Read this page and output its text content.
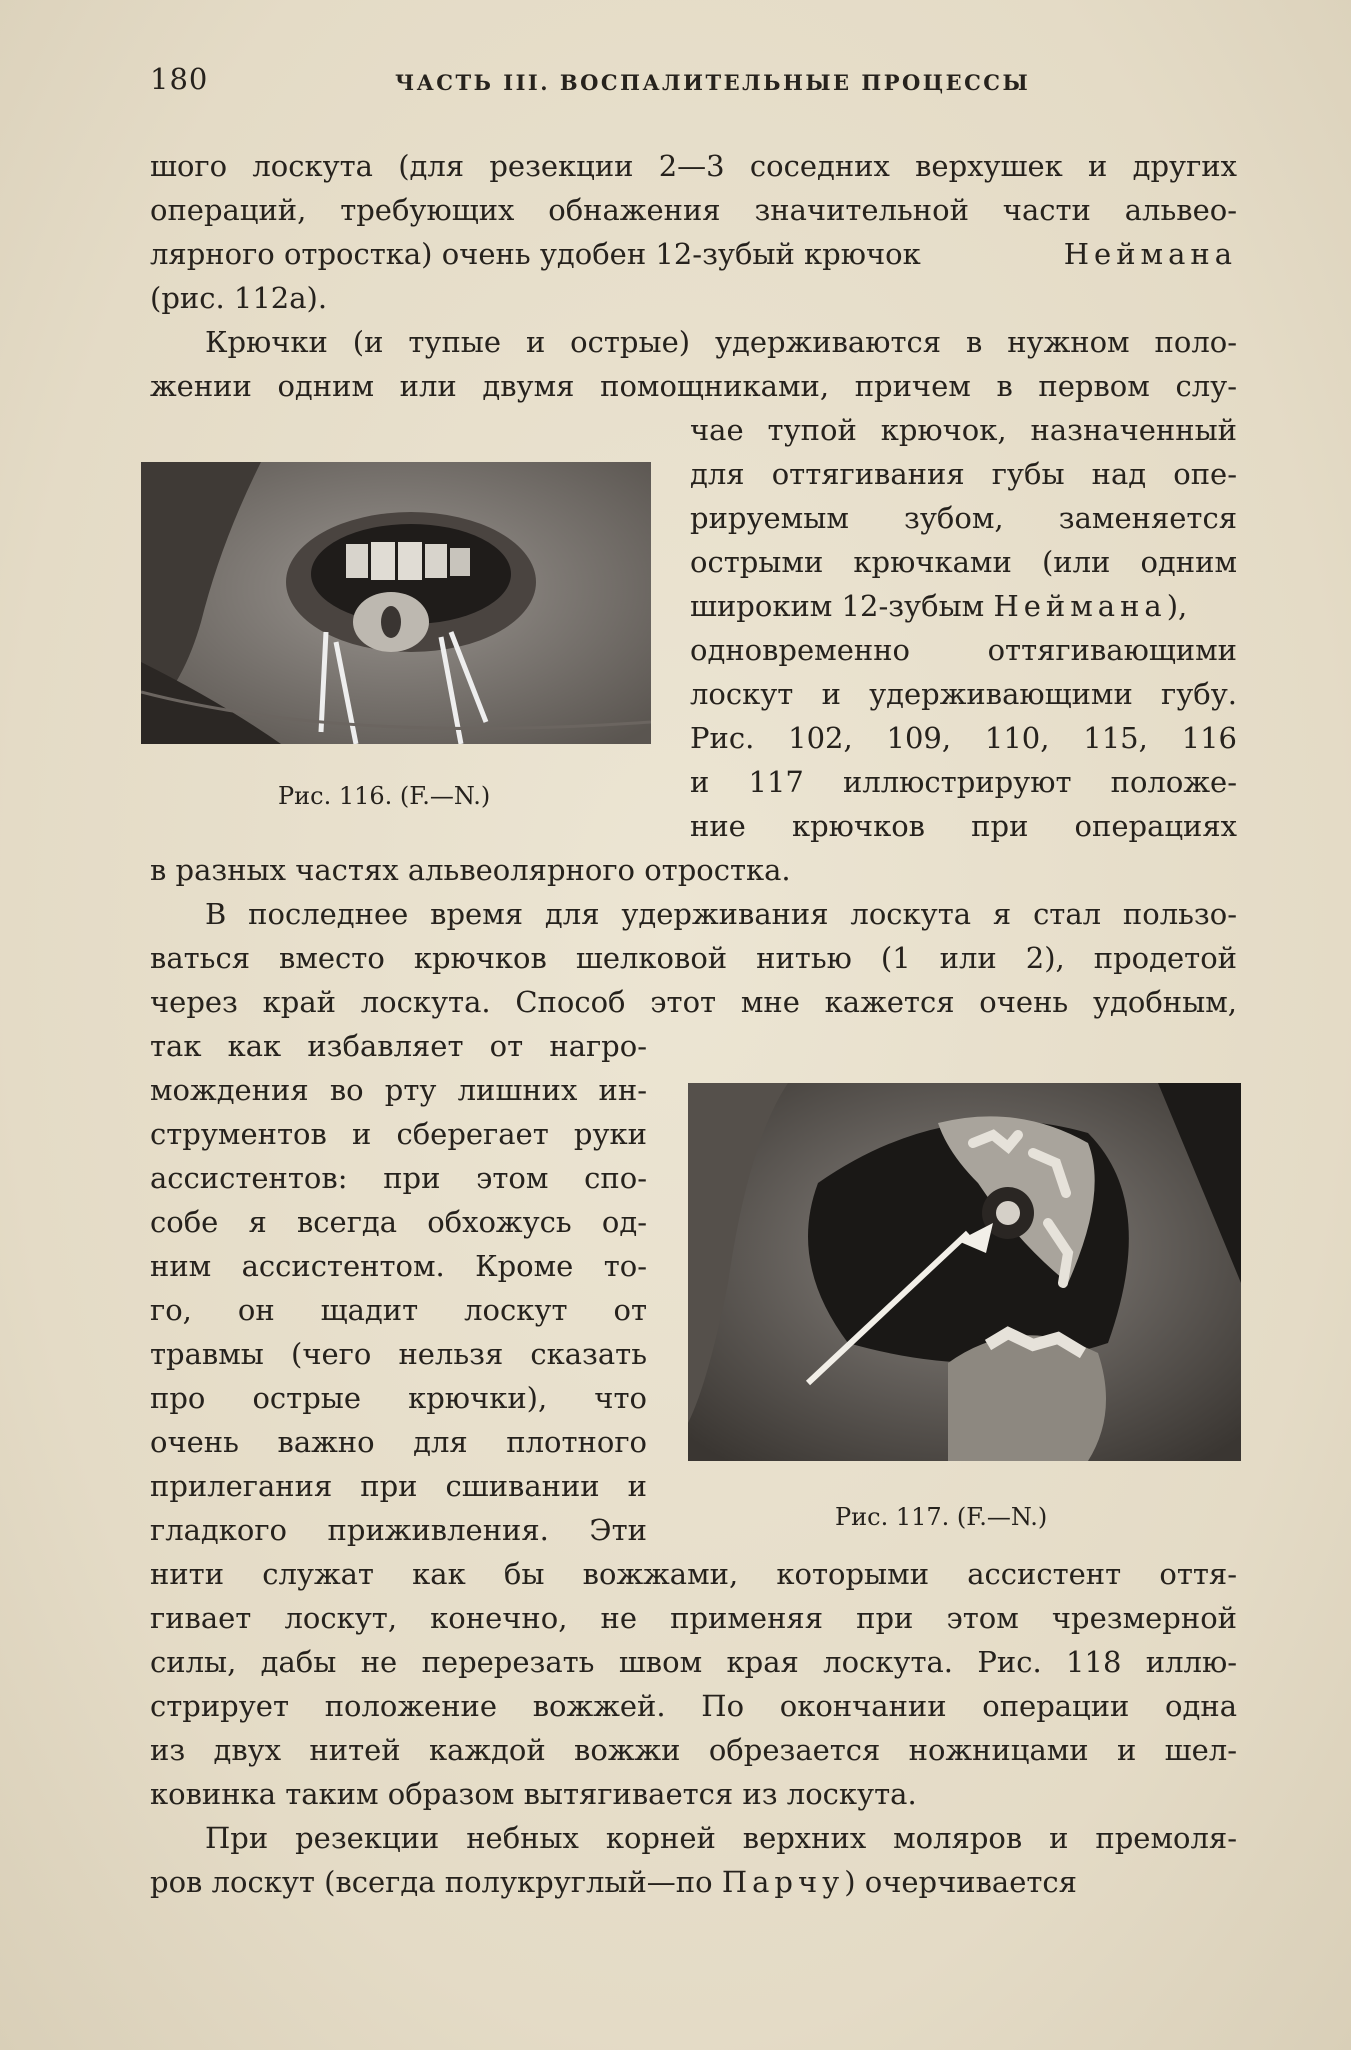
180	ЧАСТЬ III. ВОСПАЛИТЕЛЬНЫЕ ПРОЦЕССЫ
шого лоскута (для резекции 2—3 соседних верхушек и других
операций, требующих обнажения значительной части альвео-
лярного отростка) очень удобен 12-зубый крючок	Неймана
(рис. 112а).
Крючки (и тупые и острые) удерживаются в нужном поло-
жении одним или двумя помощниками, причем в первом слу-
Рис. 116. (F.—N.)
чае тупой крючок, назначенный
для оттягивания губы над опе-
рируемым зубом, заменяется
острыми крючками (или одним
широким 12-зубым Неймана),
одновременно оттягивающими
лоскут и удерживающими губу.
Рис. 102, 109, 110, 115, 116
и 117 иллюстрируют положе-
ние крючков при операциях
в разных частях альвеолярного отростка.
В последнее время для удерживания лоскута я стал пользо-
ваться вместо крючков шелковой нитью (1 или 2), продетой
через край лоскута. Способ этот мне кажется очень удобным,
так как избавляет от нагро-
мождения во рту лишних ин-
струментов и сберегает руки
ассистентов: при этом спо-
собе я всегда обхожусь од-
ним ассистентом. Кроме то-
го, он щадит лоскут от
травмы (чего нельзя сказать
про острые крючки), что
очень важно для плотного
прилегания при сшивании и
гладкого приживления. Эти	Рис. 117. (F.—N.)
нити служат как бы вожжами, которыми ассистент оття-
гивает лоскут, конечно, не применяя при этом чрезмерной
силы, дабы не перерезать швом края лоскута. Рис. 118 иллю-
стрирует положение вожжей. По окончании операции одна
из двух нитей каждой вожжи обрезается ножницами и шел-
ковинка таким образом вытягивается из лоскута.
При резекции небных корней верхних моляров и премоля-
ров лоскут (всегда полукруглый—по Парчу) очерчивается
